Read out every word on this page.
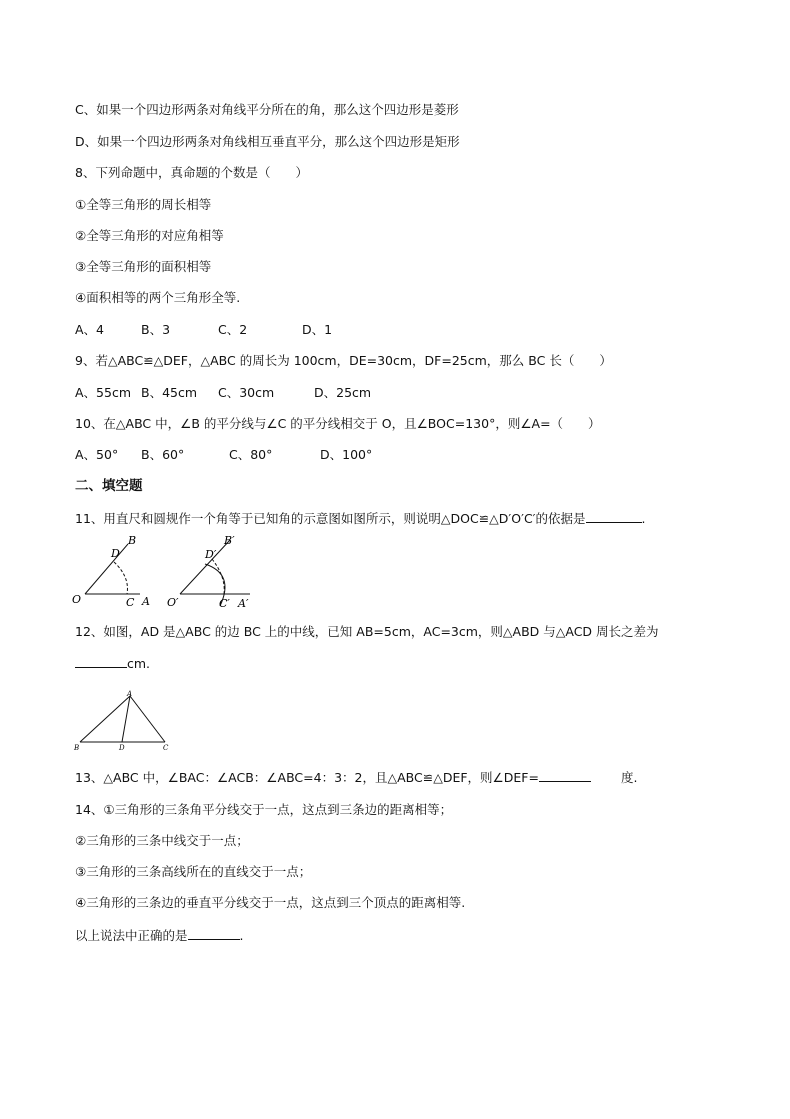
C、如果一个四边形两条对角线平分所在的角，那么这个四边形是菱形
D、如果一个四边形两条对角线相互垂直平分，那么这个四边形是矩形
8、下列命题中，真命题的个数是（　　）
①全等三角形的周长相等
②全等三角形的对应角相等
③全等三角形的面积相等
④面积相等的两个三角形全等.
A、4	B、3	C、2	D、1
9、若△ABC≌△DEF，△ABC 的周长为 100cm，DE=30cm，DF=25cm，那么 BC 长（　　）
A、55cm B、45cm C、30cm	D、25cm
10、在△ABC 中，∠B 的平分线与∠C 的平分线相交于 O，且∠BOC=130°，则∠A=（　　）
A、50° B、60°	C、80°	D、100°
二、填空题
11、用直尺和圆规作一个角等于已知角的示意图如图所示，则说明△DOC≌△D′O′C′的依据是	.
B
D
O	C A
B′
D′
O′	C′ A′
12、如图，AD 是△ABC 的边 BC 上的中线，已知 AB=5cm，AC=3cm，则△ABD 与△ACD 周长之差为
cm.
A
B	D	C
13、△ABC 中，∠BAC：∠ACB：∠ABC=4：3：2，且△ABC≌△DEF，则∠DEF=	度.
14、①三角形的三条角平分线交于一点，这点到三条边的距离相等；
②三角形的三条中线交于一点；
③三角形的三条高线所在的直线交于一点；
④三角形的三条边的垂直平分线交于一点，这点到三个顶点的距离相等.
以上说法中正确的是	.
